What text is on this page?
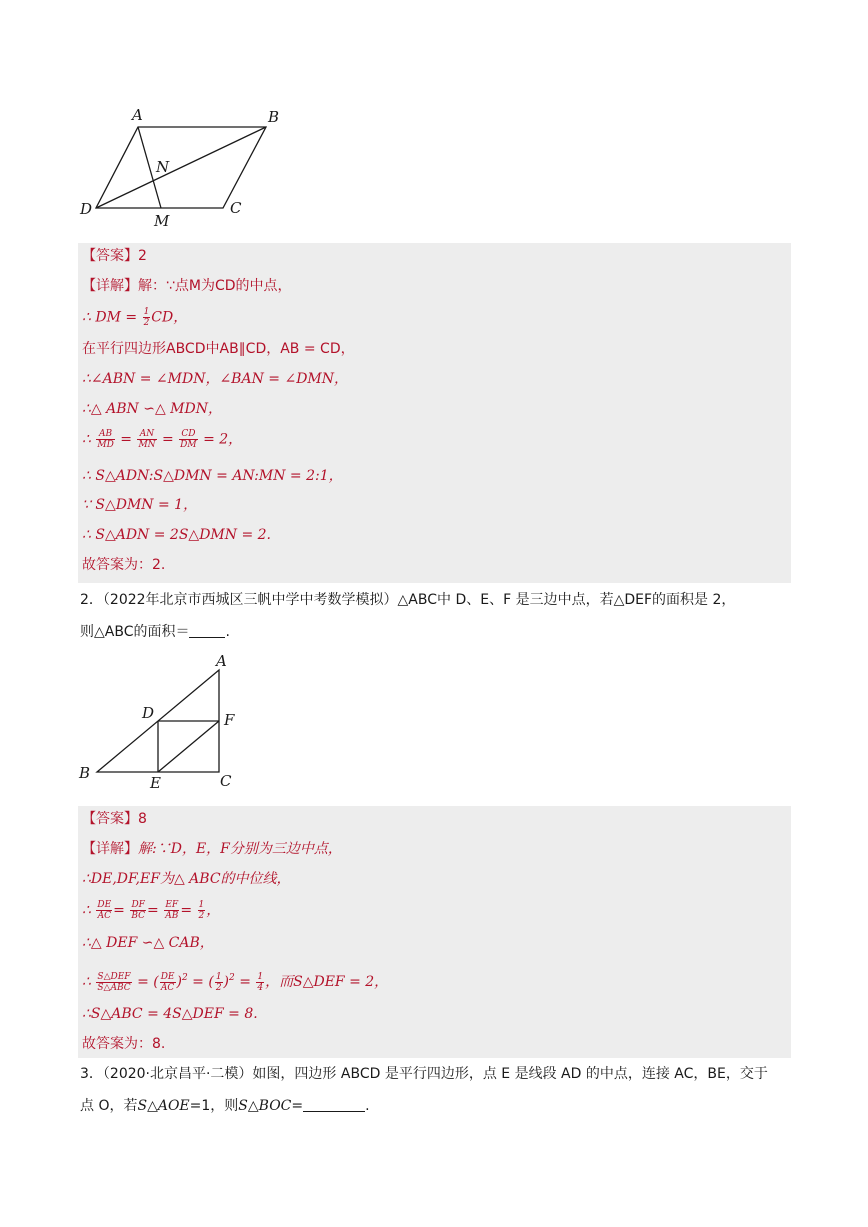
A	B
C
D
M
N
【答案】2
【详解】解：∵点M为CD的中点，
∴ DM = $\frac{1}{2}$ CD，
在平行四边形ABCD中AB∥CD，AB = CD，
∴∠ABN = ∠MDN，∠BAN = ∠DMN，
∴△ ABN ∽△ MDN，
∴ $\frac{AB}{MD} = \frac{AN}{MN} = \frac{CD}{DM} = 2$，
∴ S△ADN:S△DMN = AN:MN = 2:1，
∵ S△DMN = 1，
∴ S△ADN = 2S△DMN = 2.
故答案为：2.
2．（2022年北京市西城区三帆中学中考数学模拟）△ABC中 D、E、F 是三边中点，若△DEF的面积是 2，
则△ABC的面积＝	.
A
B	C
D
E
F
【答案】8
【详解】解:∵D，E，F分别为三边中点，
∴DE,DF,EF为△ ABC的中位线，
∴ $\frac{DE}{AC} = \frac{DF}{BC} = \frac{EF}{AB} = \frac{1}{2}$ ，
∴△ DEF ∽△ CAB，
∴ $\frac{\text{S△DEF}}{\text{S△ABC}}$ = ( $\frac{DE}{AC} )^2$ = ( $\frac{1}{2} )^2 = \frac{1}{4}$ ，而S△DEF = 2，
∴S△ABC = 4S△DEF = 8.
故答案为：8.
3．（2020·北京昌平·二模）如图，四边形 ABCD 是平行四边形，点 E 是线段 AD 的中点，连接 AC，BE，交于
点 O，若S△AOE=1，则S△BOC=	.
